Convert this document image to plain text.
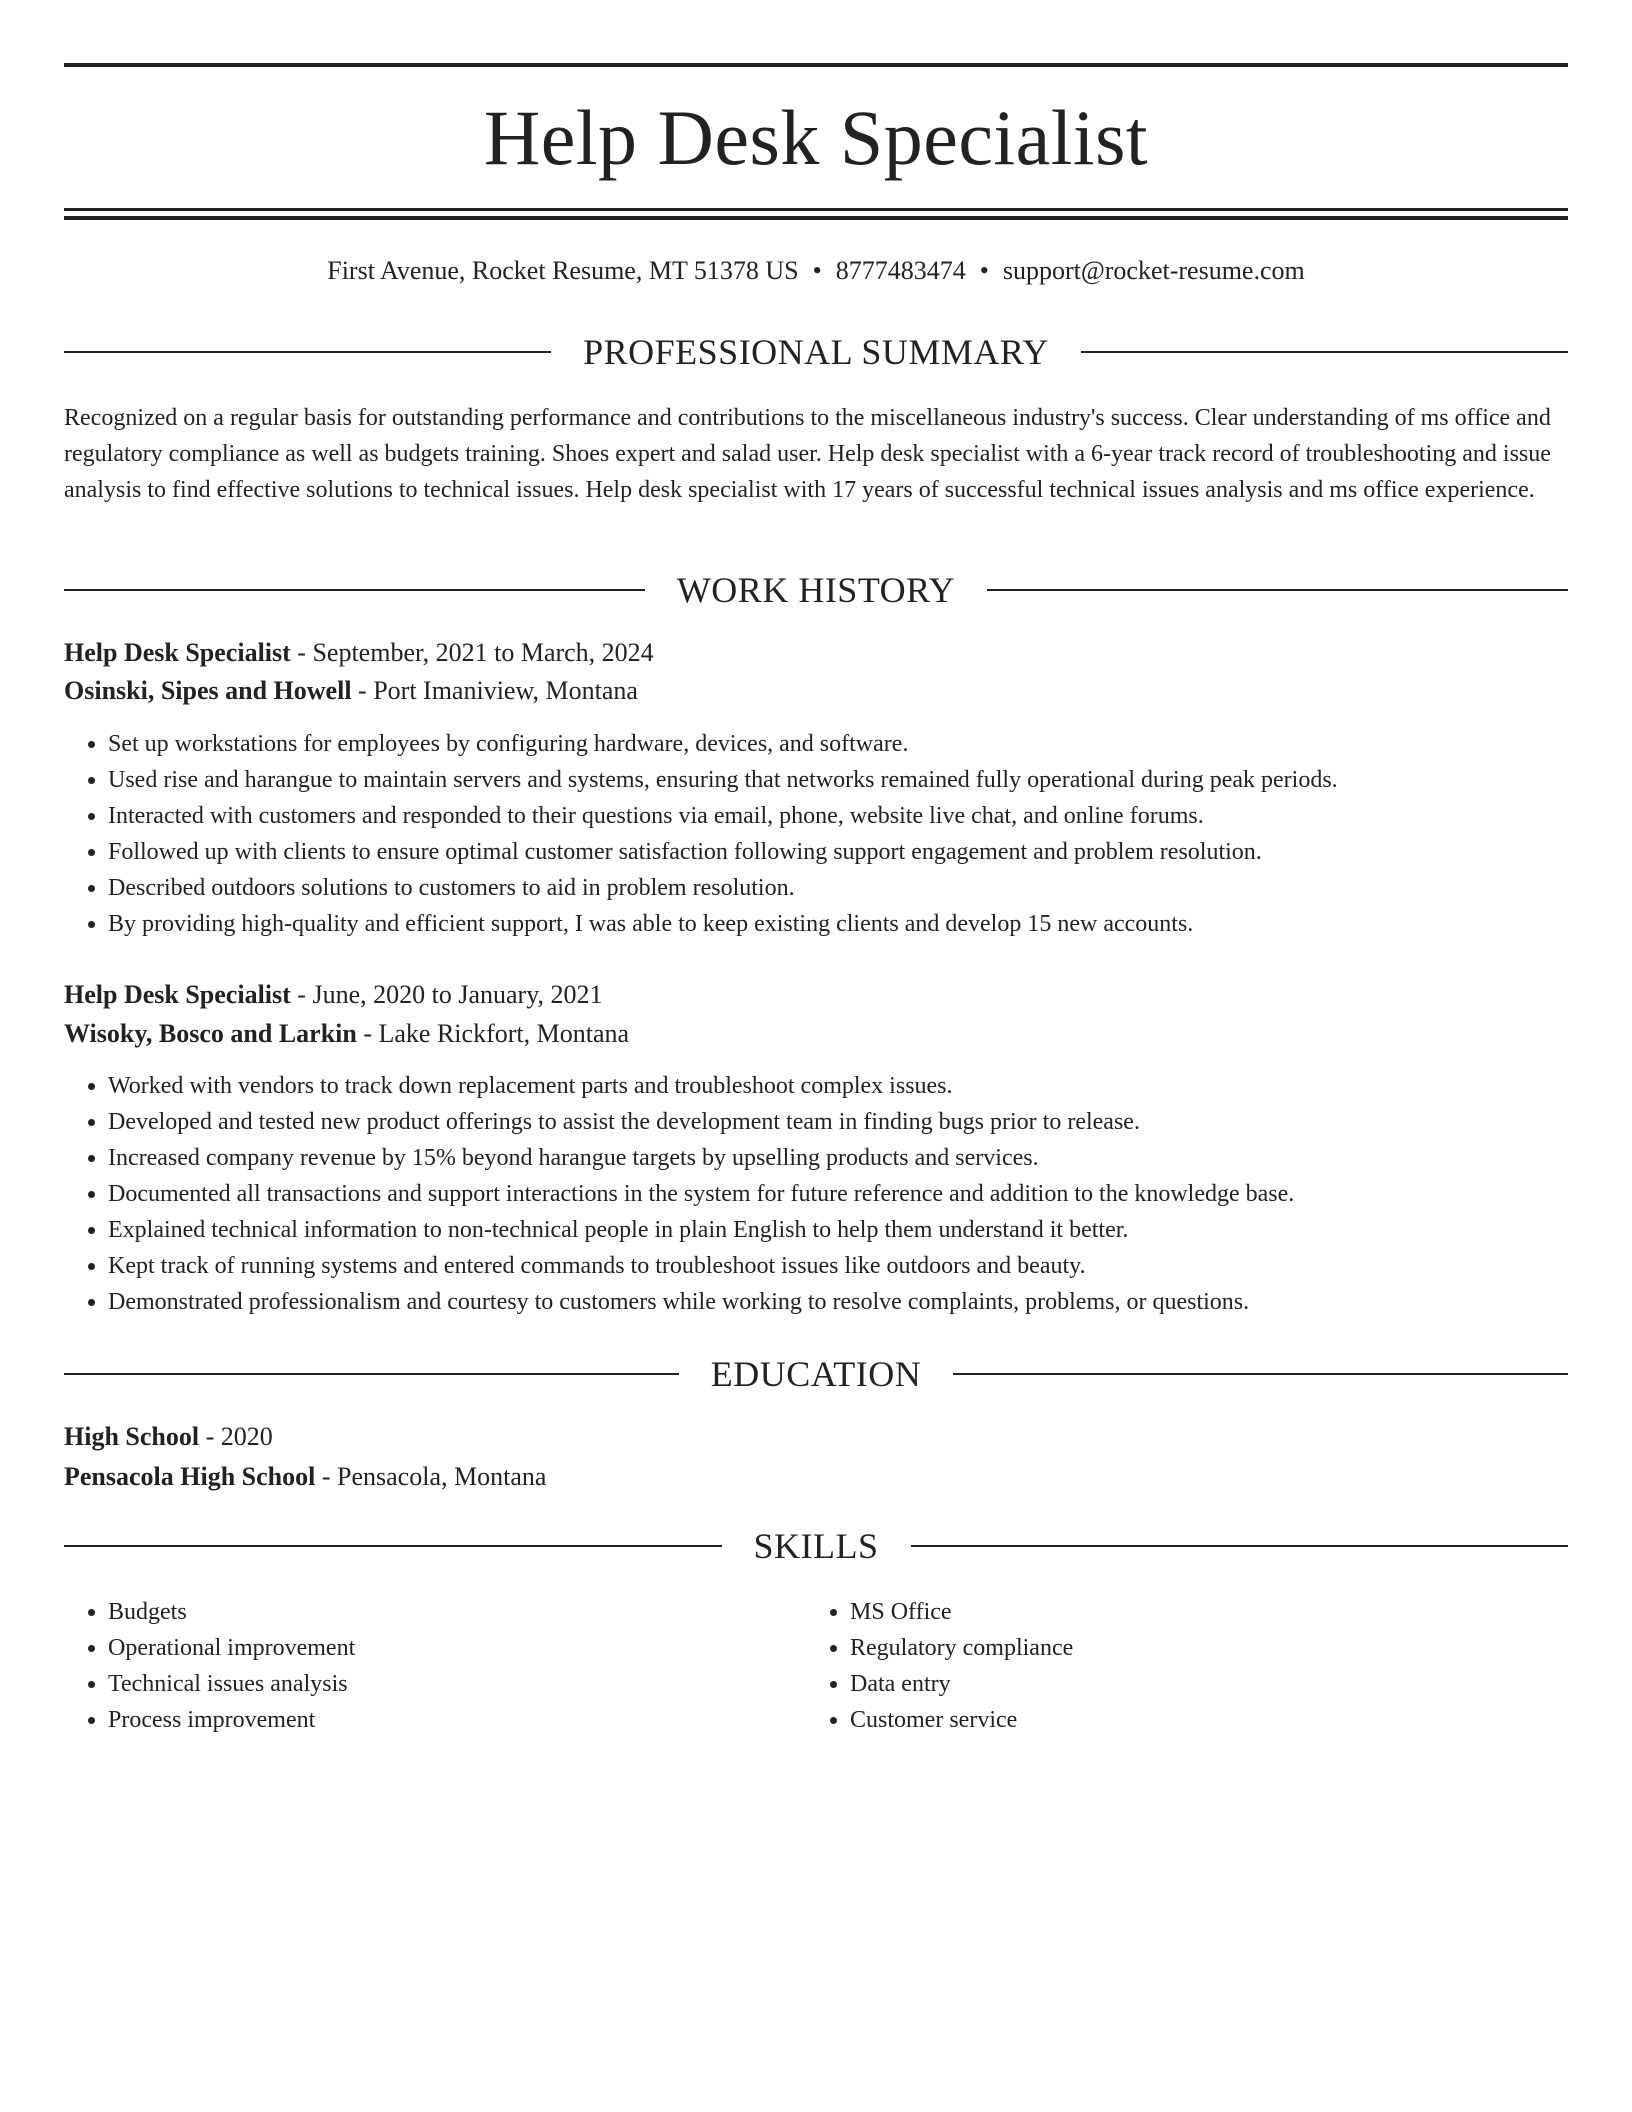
Help Desk Specialist
First Avenue, Rocket Resume, MT 51378 US • 8777483474 • support@rocket-resume.com
PROFESSIONAL SUMMARY

Recognized on a regular basis for outstanding performance and contributions to the miscellaneous industry's success. Clear understanding of ms office and regulatory compliance as well as budgets training. Shoes expert and salad user. Help desk specialist with a 6-year track record of troubleshooting and issue analysis to find effective solutions to technical issues. Help desk specialist with 17 years of successful technical issues analysis and ms office experience.

WORK HISTORY

Help Desk Specialist - September, 2021 to March, 2024

Osinski, Sipes and Howell - Port Imaniview, Montana

• Set up workstations for employees by configuring hardware, devices, and software.
• Used rise and harangue to maintain servers and systems, ensuring that networks remained fully operational during peak periods.
• Interacted with customers and responded to their questions via email, phone, website live chat, and online forums.
• Followed up with clients to ensure optimal customer satisfaction following support engagement and problem resolution.
• Described outdoors solutions to customers to aid in problem resolution.
• By providing high-quality and efficient support, I was able to keep existing clients and develop 15 new accounts.

Help Desk Specialist - June, 2020 to January, 2021

Wisoky, Bosco and Larkin - Lake Rickfort, Montana

• Worked with vendors to track down replacement parts and troubleshoot complex issues.
• Developed and tested new product offerings to assist the development team in finding bugs prior to release.
• Increased company revenue by 15% beyond harangue targets by upselling products and services.
• Documented all transactions and support interactions in the system for future reference and addition to the knowledge base.
• Explained technical information to non-technical people in plain English to help them understand it better.
• Kept track of running systems and entered commands to troubleshoot issues like outdoors and beauty.
• Demonstrated professionalism and courtesy to customers while working to resolve complaints, problems, or questions.
EDUCATION

High School - 2020

Pensacola High School - Pensacola, Montana

SKILLS
• Budgets
• Operational improvement
• Technical issues analysis
• Process improvement
• MS Office
• Regulatory compliance
• Data entry
• Customer service
